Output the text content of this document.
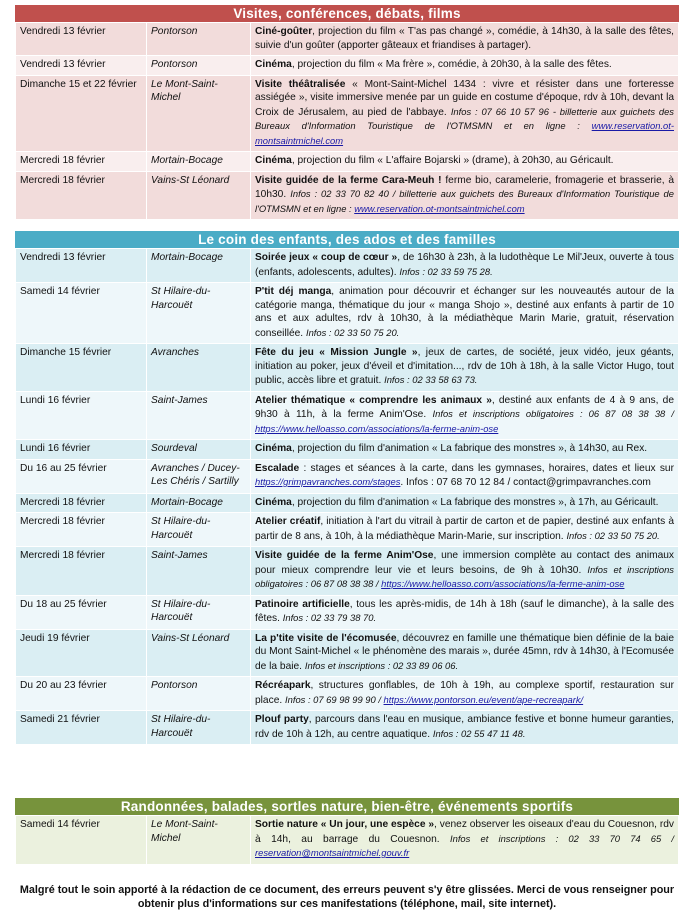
Visites, conférences, débats, films
Vendredi 13 février	Pontorson	Ciné-goûter, projection du film « T'as pas changé », comédie, à 14h30, à la salle des fêtes, suivie d'un goûter (apporter gâteaux et friandises à partager).
Vendredi 13 février	Pontorson	Cinéma, projection du film « Ma frère », comédie, à 20h30, à la salle des fêtes.
Dimanche 15 et 22 février	Le Mont-Saint-Michel	Visite théâtralisée « Mont-Saint-Michel 1434 : vivre et résister dans une forteresse assiégée », visite immersive menée par un guide en costume d'époque, rdv à 10h, devant la Croix de Jérusalem, au pied de l'abbaye. Infos : 07 66 10 57 96 - billetterie aux guichets des Bureaux d'Information Touristique de l'OTMSMN et en ligne : www.reservation.ot-montsaintmichel.com
Mercredi 18 février	Mortain-Bocage	Cinéma, projection du film « L'affaire Bojarski » (drame), à 20h30, au Géricault.
Mercredi 18 février	Vains-St Léonard	Visite guidée de la ferme Cara-Meuh ! ferme bio, caramelerie, fromagerie et brasserie, à 10h30. Infos : 02 33 70 82 40 / billetterie aux guichets des Bureaux d'Information Touristique de l'OTMSMN et en ligne : www.reservation.ot-montsaintmichel.com
Le coin des enfants, des ados et des familles
Vendredi 13 février	Mortain-Bocage	Soirée jeux « coup de cœur », de 16h30 à 23h, à la ludothèque Le Mil'Jeux, ouverte à tous (enfants, adolescents, adultes). Infos : 02 33 59 75 28.
Samedi 14 février	St Hilaire-du-Harcouët	P'tit déj manga, animation pour découvrir et échanger sur les nouveautés autour de la catégorie manga, thématique du jour « manga Shojo », destiné aux enfants à partir de 10 ans et aux adultes, rdv à 10h30, à la médiathèque Marin Marie, gratuit, réservation conseillée. Infos : 02 33 50 75 20.
Dimanche 15 février	Avranches	Fête du jeu « Mission Jungle », jeux de cartes, de société, jeux vidéo, jeux géants, initiation au poker, jeux d'éveil et d'imitation..., rdv de 10h à 18h, à la salle Victor Hugo, tout public, accès libre et gratuit. Infos : 02 33 58 63 73.
Lundi 16 février	Saint-James	Atelier thématique « comprendre les animaux », destiné aux enfants de 4 à 9 ans, de 9h30 à 11h, à la ferme Anim'Ose. Infos et inscriptions obligatoires : 06 87 08 38 38 / https://www.helloasso.com/associations/la-ferme-anim-ose
Lundi 16 février	Sourdeval	Cinéma, projection du film d'animation « La fabrique des monstres », à 14h30, au Rex.
Du 16 au 25 février	Avranches / Ducey-Les Chéris / Sartilly	Escalade : stages et séances à la carte, dans les gymnases, horaires, dates et lieux sur https://grimpavranches.com/stages. Infos : 07 68 70 12 84 / contact@grimpavranches.com
Mercredi 18 février	Mortain-Bocage	Cinéma, projection du film d'animation « La fabrique des monstres », à 17h, au Géricault.
Mercredi 18 février	St Hilaire-du-Harcouët	Atelier créatif, initiation à l'art du vitrail à partir de carton et de papier, destiné aux enfants à partir de 8 ans, à 10h, à la médiathèque Marin-Marie, sur inscription. Infos : 02 33 50 75 20.
Mercredi 18 février	Saint-James	Visite guidée de la ferme Anim'Ose, une immersion complète au contact des animaux pour mieux comprendre leur vie et leurs besoins, de 9h à 10h30. Infos et inscriptions obligatoires : 06 87 08 38 38 / https://www.helloasso.com/associations/la-ferme-anim-ose
Du 18 au 25 février	St Hilaire-du-Harcouët	Patinoire artificielle, tous les après-midis, de 14h à 18h (sauf le dimanche), à la salle des fêtes. Infos : 02 33 79 38 70.
Jeudi 19 février	Vains-St Léonard	La p'tite visite de l'écomusée, découvrez en famille une thématique bien définie de la baie du Mont Saint-Michel « le phénomène des marais », durée 45mn, rdv à 14h30, à l'Ecomusée de la baie. Infos et inscriptions : 02 33 89 06 06.
Du 20 au 23 février	Pontorson	Récréapark, structures gonflables, de 10h à 19h, au complexe sportif, restauration sur place. Infos : 07 69 98 99 90 / https://www.pontorson.eu/event/ape-recreapark/
Samedi 21 février	St Hilaire-du-Harcouët	Plouf party, parcours dans l'eau en musique, ambiance festive et bonne humeur garanties, rdv de 10h à 12h, au centre aquatique. Infos : 02 55 47 11 48.
Randonnées, balades, sortles nature, bien-être, événements sportifs
Samedi 14 février	Le Mont-Saint-Michel	Sortie nature « Un jour, une espèce », venez observer les oiseaux d'eau du Couesnon, rdv à 14h, au barrage du Couesnon. Infos et inscriptions : 02 33 70 74 65 / reservation@montsaintmichel.gouv.fr
Malgré tout le soin apporté à la rédaction de ce document, des erreurs peuvent s'y être glissées. Merci de vous renseigner pour obtenir plus d'informations sur ces manifestations (téléphone, mail, site internet).
